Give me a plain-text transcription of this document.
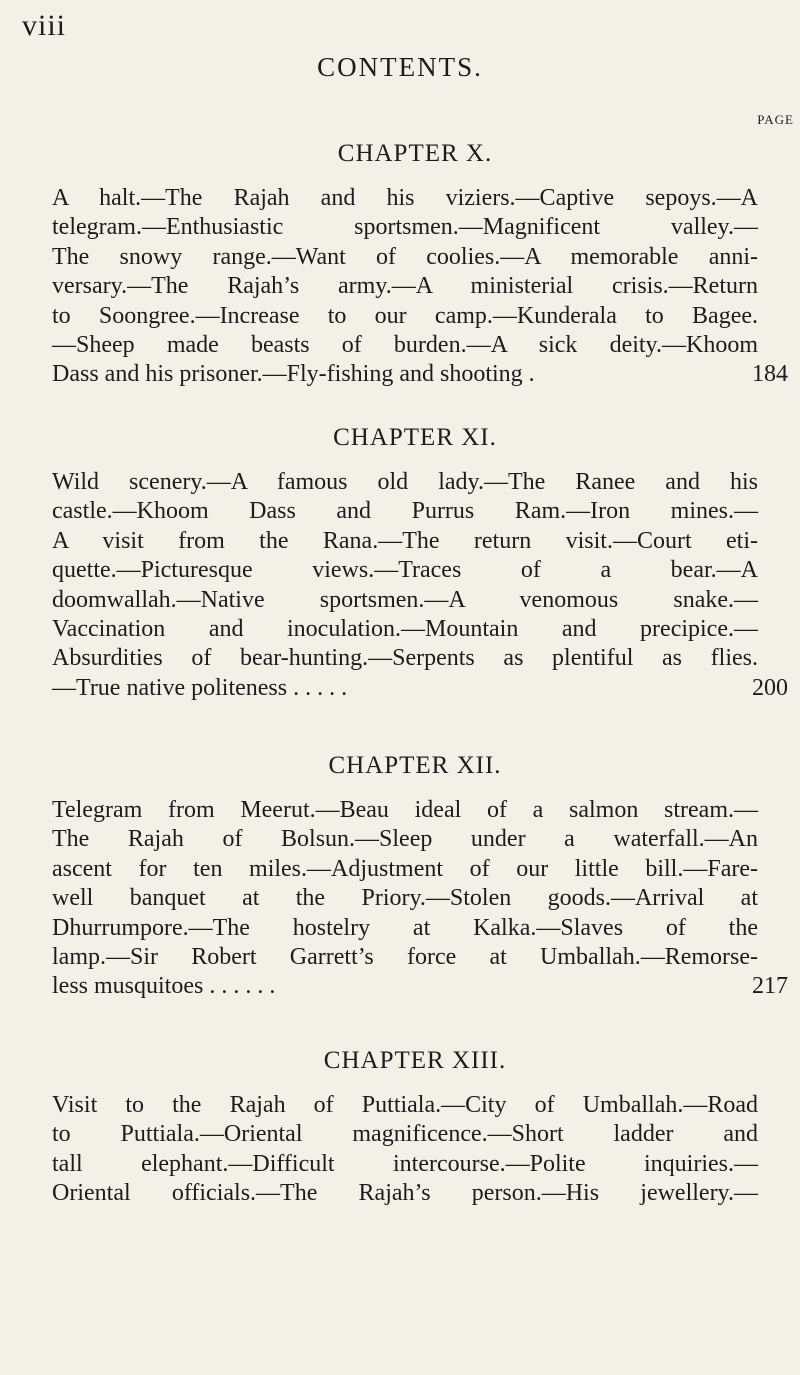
viii
CONTENTS.
PAGE
CHAPTER X.
A halt.—The Rajah and his viziers.—Captive sepoys.—A
telegram.—Enthusiastic sportsmen.—Magnificent valley.—
The snowy range.—Want of coolies.—A memorable anni-
versary.—The Rajah’s army.—A ministerial crisis.—Return
to Soongree.—Increase to our camp.—Kunderala to Bagee.
—Sheep made beasts of burden.—A sick deity.—Khoom
Dass and his prisoner.—Fly-fishing and shooting .	184
CHAPTER XI.
Wild scenery.—A famous old lady.—The Ranee and his
castle.—Khoom Dass and Purrus Ram.—Iron mines.—
A visit from the Rana.—The return visit.—Court eti-
quette.—Picturesque views.—Traces of a bear.—A
doomwallah.—Native sportsmen.—A venomous snake.—
Vaccination and inoculation.—Mountain and precipice.—
Absurdities of bear-hunting.—Serpents as plentiful as flies.
—True native politeness . . . . .	200
CHAPTER XII.
Telegram from Meerut.—Beau ideal of a salmon stream.—
The Rajah of Bolsun.—Sleep under a waterfall.—An
ascent for ten miles.—Adjustment of our little bill.—Fare-
well banquet at the Priory.—Stolen goods.—Arrival at
Dhurrumpore.—The hostelry at Kalka.—Slaves of the
lamp.—Sir Robert Garrett’s force at Umballah.—Remorse-
less musquitoes . . . . . .	217
CHAPTER XIII.
Visit to the Rajah of Puttiala.—City of Umballah.—Road
to Puttiala.—Oriental magnificence.—Short ladder and
tall elephant.—Difficult intercourse.—Polite inquiries.—
Oriental officials.—The Rajah’s person.—His jewellery.—
